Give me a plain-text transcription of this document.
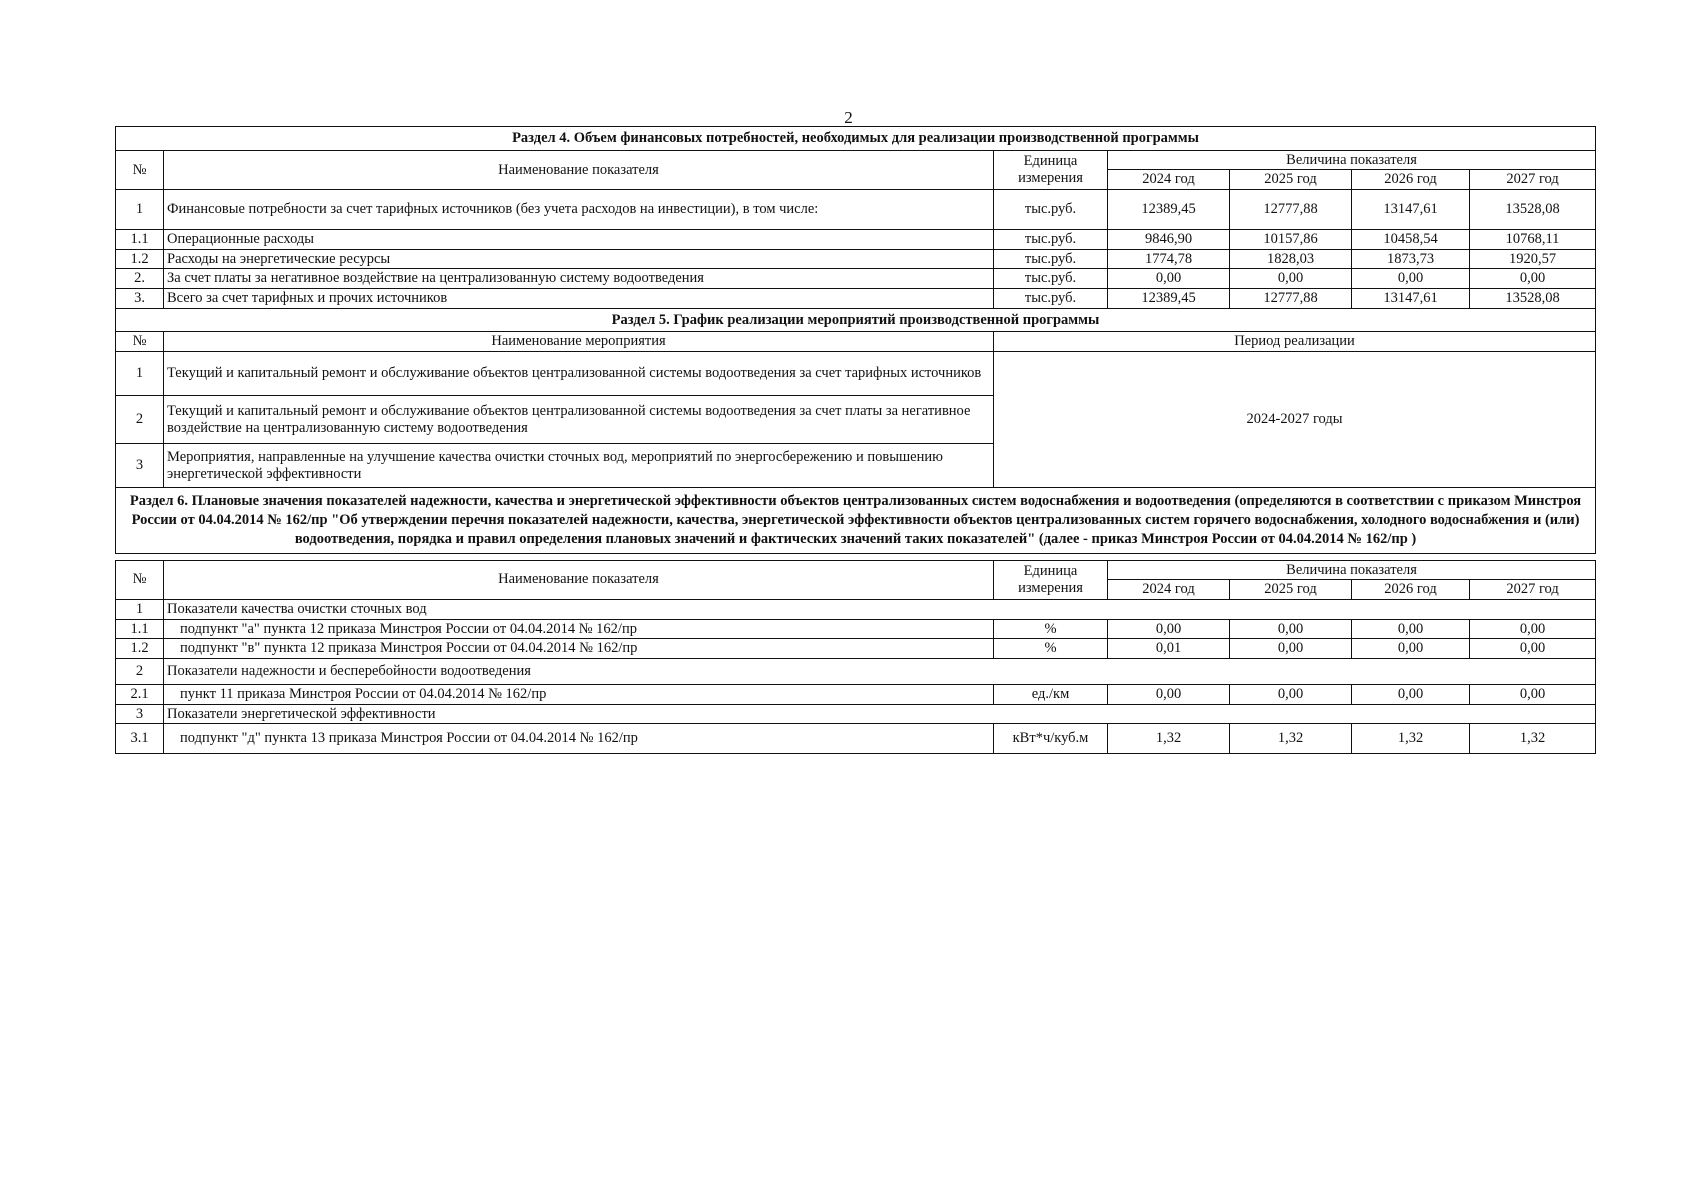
2
Раздел 4. Объем финансовых потребностей, необходимых для реализации производственной программы						
№	Наименование показателя	Единица измерения	Величина показателя			
			2024 год	2025 год	2026 год	2027 год
1	Финансовые потребности за счет тарифных источников (без учета расходов на инвестиции), в том числе:	тыс.руб.	12389,45	12777,88	13147,61	13528,08
1.1	Операционные расходы	тыс.руб.	9846,90	10157,86	10458,54	10768,11
1.2	Расходы на энергетические ресурсы	тыс.руб.	1774,78	1828,03	1873,73	1920,57
2.	За счет платы за негативное воздействие на централизованную систему водоотведения	тыс.руб.	0,00	0,00	0,00	0,00
3.	Всего за счет тарифных и прочих источников	тыс.руб.	12389,45	12777,88	13147,61	13528,08
Раздел 5. График реализации мероприятий производственной программы						
№	Наименование мероприятия	Период реализации				
1	Текущий и капитальный ремонт и обслуживание объектов централизованной системы водоотведения за счет тарифных источников	2024-2027 годы				
2	Текущий и капитальный ремонт и обслуживание объектов централизованной системы водоотведения за счет платы за негативное воздействие на централизованную систему водоотведения					
3	Мероприятия, направленные на улучшение качества очистки сточных вод, мероприятий по энергосбережению и повышению энергетической эффективности					
Раздел 6. Плановые значения показателей надежности, качества и энергетической эффективности объектов централизованных систем водоснабжения и водоотведения (определяются в соответствии с приказом Минстроя России от 04.04.2014 № 162/пр "Об утверждении перечня показателей надежности, качества, энергетической эффективности объектов централизованных систем горячего водоснабжения, холодного водоснабжения и (или) водоотведения, порядка и правил определения плановых значений и фактических значений таких показателей" (далее - приказ Минстроя России от 04.04.2014 № 162/пр )						

№	Наименование показателя	Единица измерения	Величина показателя			
			2024 год	2025 год	2026 год	2027 год
1	Показатели качества очистки сточных вод					
1.1	подпункт "а" пункта 12 приказа Минстроя России от 04.04.2014 № 162/пр	%	0,00	0,00	0,00	0,00
1.2	подпункт "в" пункта 12 приказа Минстроя России от 04.04.2014 № 162/пр	%	0,01	0,00	0,00	0,00
2	Показатели надежности и бесперебойности водоотведения					
2.1	пункт 11 приказа Минстроя России от 04.04.2014 № 162/пр	ед./км	0,00	0,00	0,00	0,00
3	Показатели энергетической эффективности					
3.1	подпункт "д" пункта 13 приказа Минстроя России от 04.04.2014 № 162/пр	кВт*ч/куб.м	1,32	1,32	1,32	1,32
